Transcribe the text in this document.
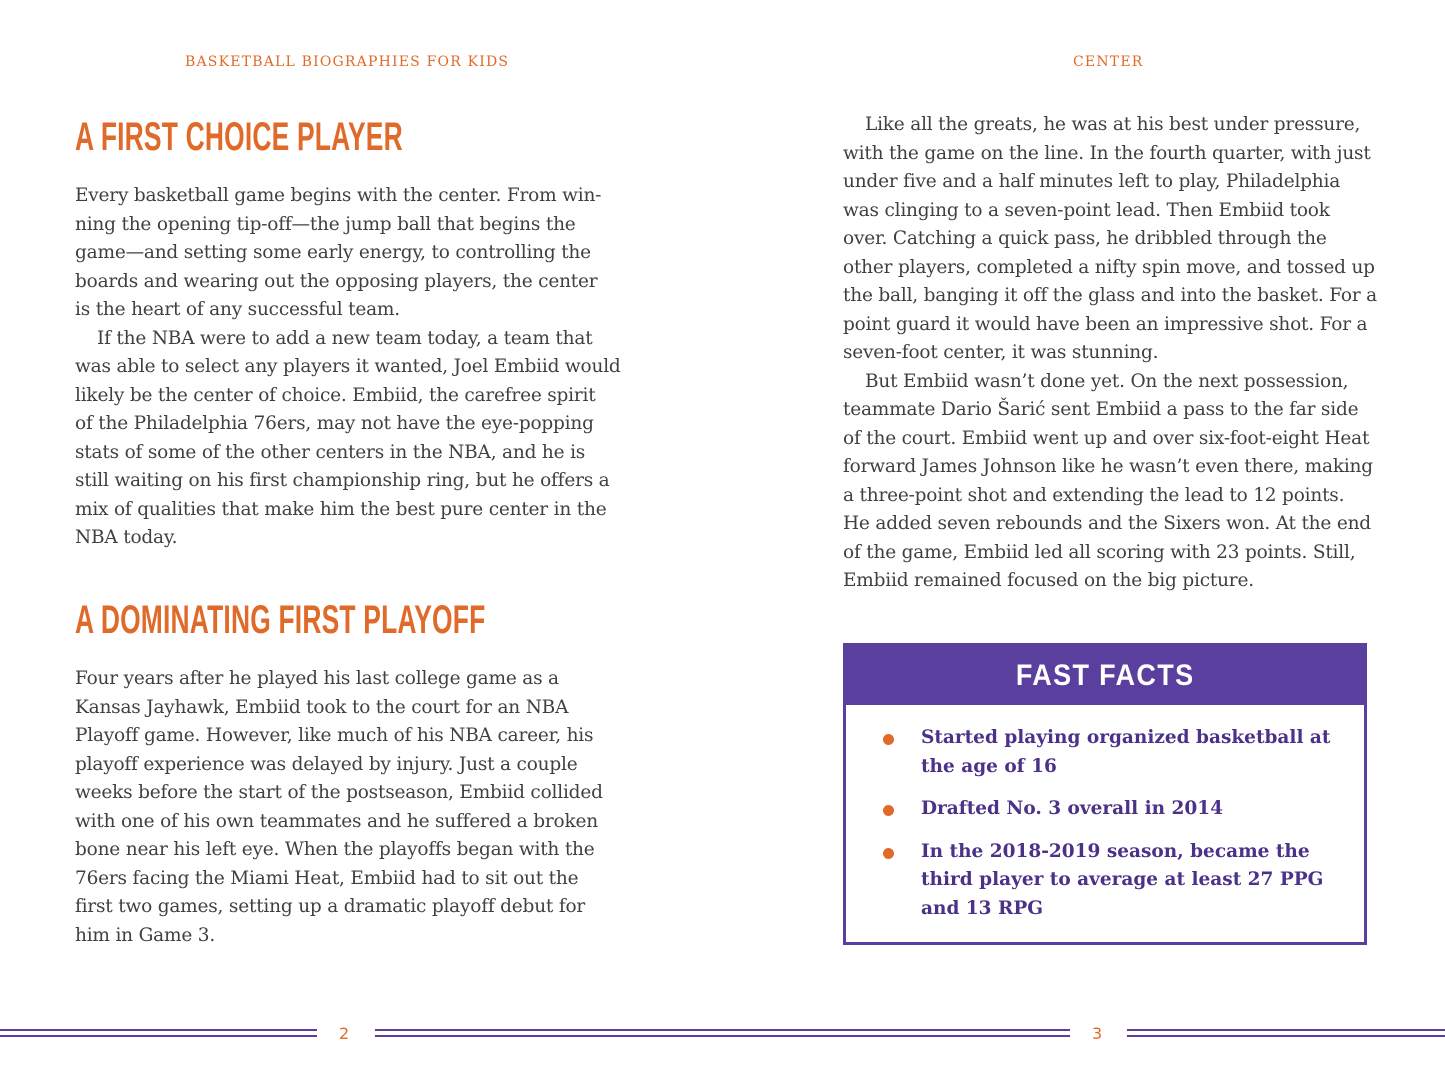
BASKETBALL BIOGRAPHIES FOR KIDS
A FIRST CHOICE PLAYER

Every basketball game begins with the center. From win-

ning the opening tip-off—the jump ball that begins the

game—and setting some early energy, to controlling the

boards and wearing out the opposing players, the center

is the heart of any successful team.

If the NBA were to add a new team today, a team that

was able to select any players it wanted, Joel Embiid would

likely be the center of choice. Embiid, the carefree spirit

of the Philadelphia 76ers, may not have the eye-popping

stats of some of the other centers in the NBA, and he is

still waiting on his first championship ring, but he offers a

mix of qualities that make him the best pure center in the

NBA today.

A DOMINATING FIRST PLAYOFF

Four years after he played his last college game as a

Kansas Jayhawk, Embiid took to the court for an NBA

Playoff game. However, like much of his NBA career, his

playoff experience was delayed by injury. Just a couple

weeks before the start of the postseason, Embiid collided

with one of his own teammates and he suffered a broken

bone near his left eye. When the playoffs began with the

76ers facing the Miami Heat, Embiid had to sit out the

first two games, setting up a dramatic playoff debut for

him in Game 3.

CENTER

Like all the greats, he was at his best under pressure,

with the game on the line. In the fourth quarter, with just

under five and a half minutes left to play, Philadelphia

was clinging to a seven-point lead. Then Embiid took

over. Catching a quick pass, he dribbled through the

other players, completed a nifty spin move, and tossed up

the ball, banging it off the glass and into the basket. For a

point guard it would have been an impressive shot. For a

seven-foot center, it was stunning.

But Embiid wasn’t done yet. On the next possession,

teammate Dario Šarić sent Embiid a pass to the far side

of the court. Embiid went up and over six-foot-eight Heat

forward James Johnson like he wasn’t even there, making

a three-point shot and extending the lead to 12 points.

He added seven rebounds and the Sixers won. At the end

of the game, Embiid led all scoring with 23 points. Still,

Embiid remained focused on the big picture.

FAST FACTS
Started playing organized basketball at
the age of 16
Drafted No. 3 overall in 2014
In the 2018-2019 season, became the
third player to average at least 27 PPG
and 13 RPG
2	3
